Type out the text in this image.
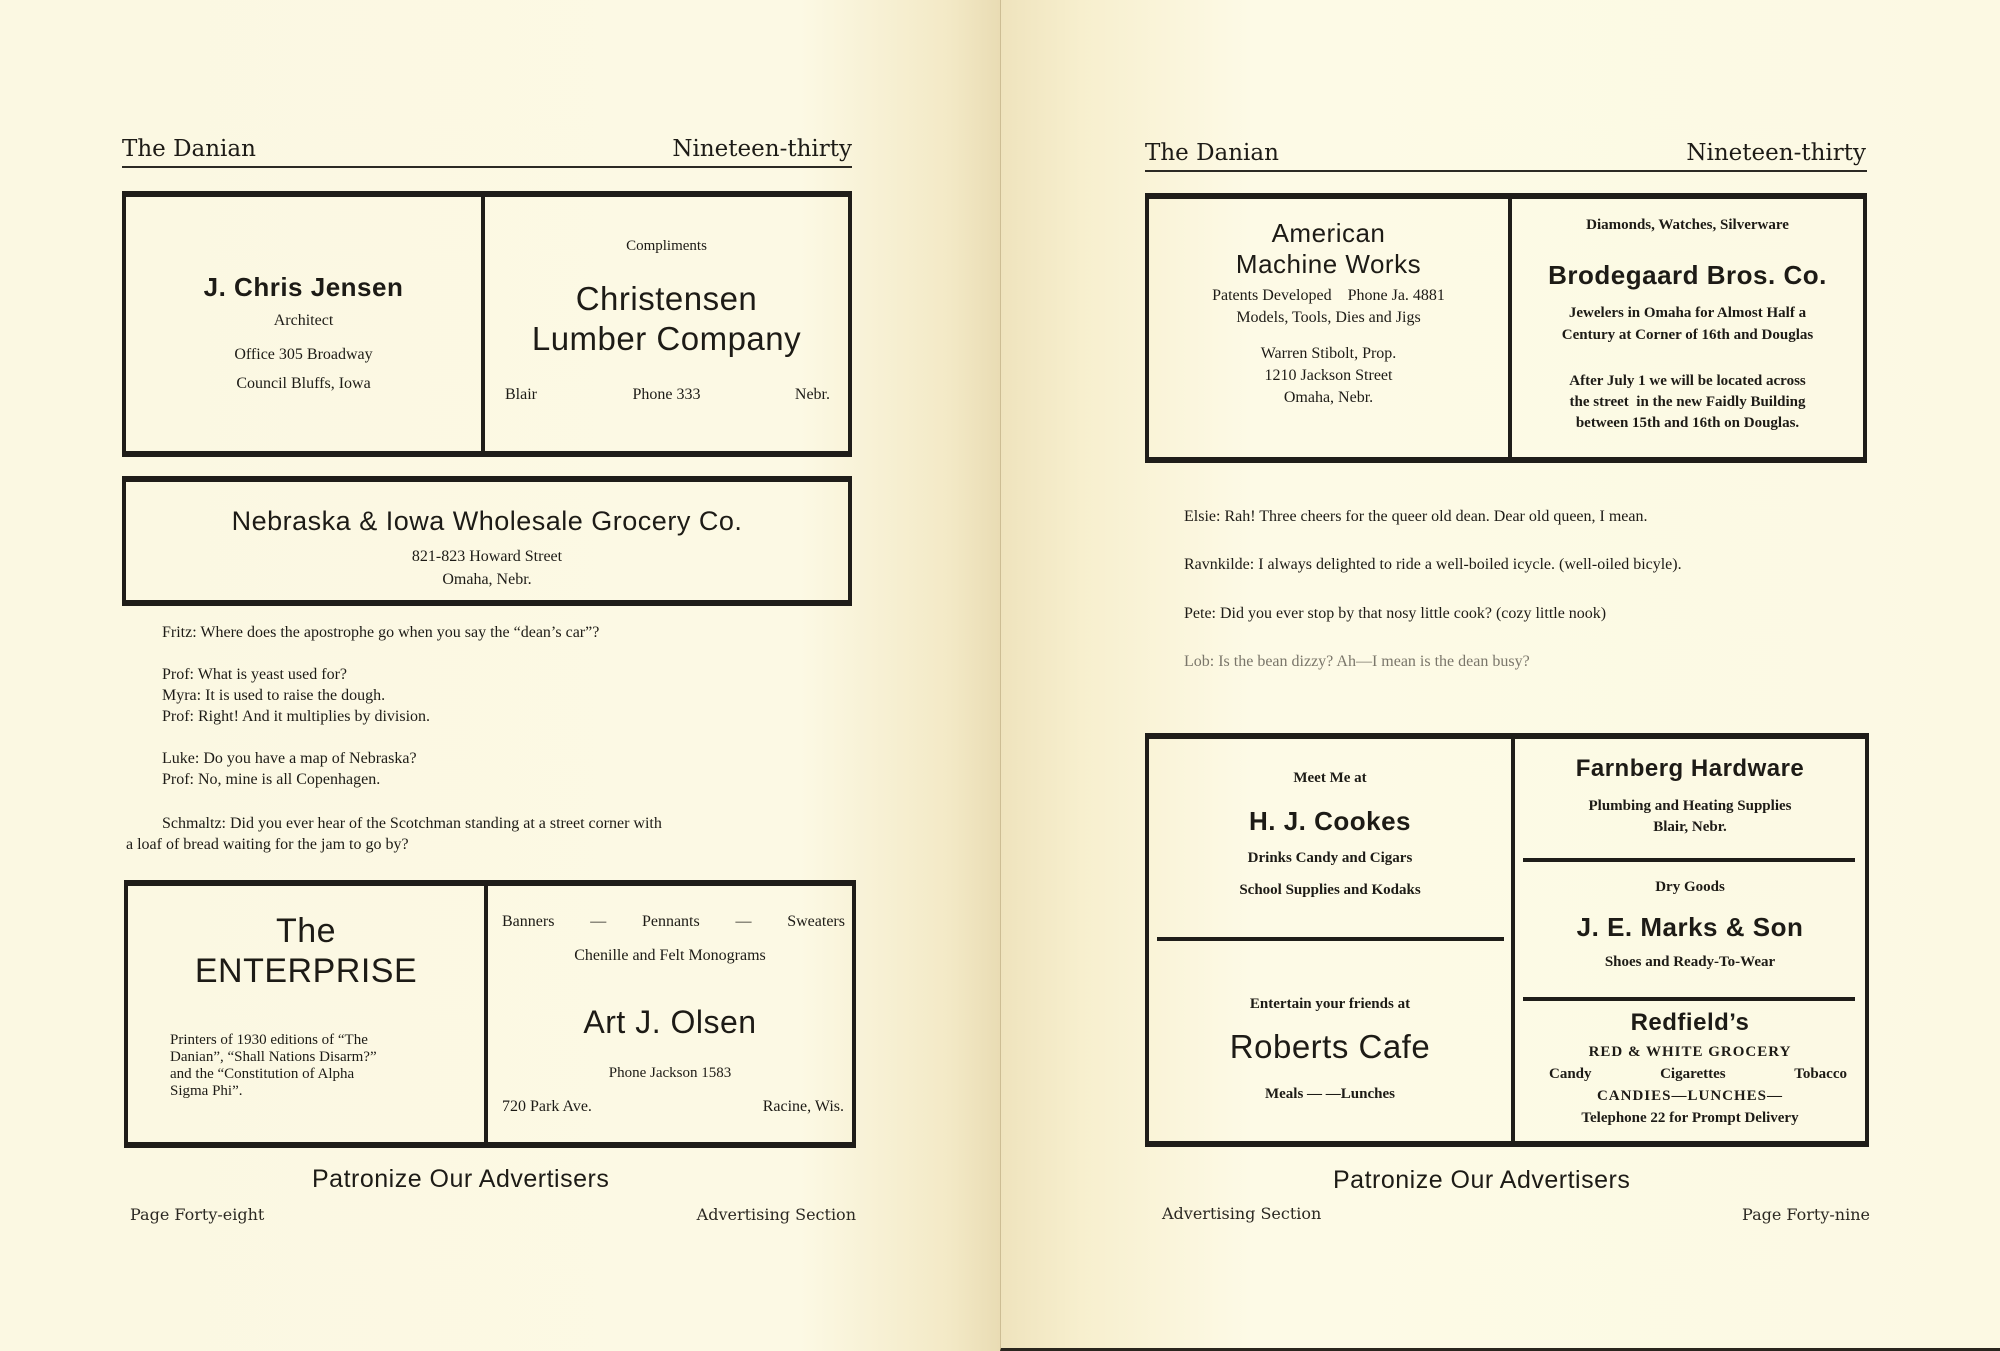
The Danian	Nineteen-thirty
J. Chris Jensen
Architect
Office 305 Broadway
Council Bluffs, Iowa
Compliments
Christensen
Lumber Company
Blair	Phone 333	Nebr.
Nebraska & Iowa Wholesale Grocery Co.
821-823 Howard Street
Omaha, Nebr.
Fritz: Where does the apostrophe go when you say the “dean’s car”?
Prof: What is yeast used for?
Myra: It is used to raise the dough.
Prof: Right! And it multiplies by division.
Luke: Do you have a map of Nebraska?
Prof: No, mine is all Copenhagen.
Schmaltz: Did you ever hear of the Scotchman standing at a street corner with
a loaf of bread waiting for the jam to go by?
The
ENTERPRISE
Printers of 1930 editions of “The
Danian”, “Shall Nations Disarm?”
and the “Constitution of Alpha
Sigma Phi”.
Banners — Pennants — Sweaters
Chenille and Felt Monograms
Art J. Olsen
Phone Jackson 1583
720 Park Ave.	Racine, Wis.
Patronize Our Advertisers
Page Forty-eight	Advertising Section
The Danian	Nineteen-thirty
American
Machine Works
Patents Developed    Phone Ja. 4881
Models, Tools, Dies and Jigs
Warren Stibolt, Prop.
1210 Jackson Street
Omaha, Nebr.
Diamonds, Watches, Silverware
Brodegaard Bros. Co.
Jewelers in Omaha for Almost Half a
Century at Corner of 16th and Douglas
After July 1 we will be located across
the street  in the new Faidly Building
between 15th and 16th on Douglas.
Elsie: Rah! Three cheers for the queer old dean. Dear old queen, I mean.
Ravnkilde: I always delighted to ride a well-boiled icycle. (well-oiled bicyle).
Pete: Did you ever stop by that nosy little cook? (cozy little nook)
Lob: Is the bean dizzy? Ah—I mean is the dean busy?
Meet Me at
H. J. Cookes
Drinks Candy and Cigars
School Supplies and Kodaks
Entertain your friends at
Roberts Cafe
Meals — —Lunches
Farnberg Hardware
Plumbing and Heating Supplies
Blair, Nebr.
Dry Goods
J. E. Marks & Son
Shoes and Ready-To-Wear
Redfield’s
RED & WHITE GROCERY
Candy	Cigarettes	Tobacco
CANDIES—LUNCHES—
Telephone 22 for Prompt Delivery
Patronize Our Advertisers
Advertising Section	Page Forty-nine
